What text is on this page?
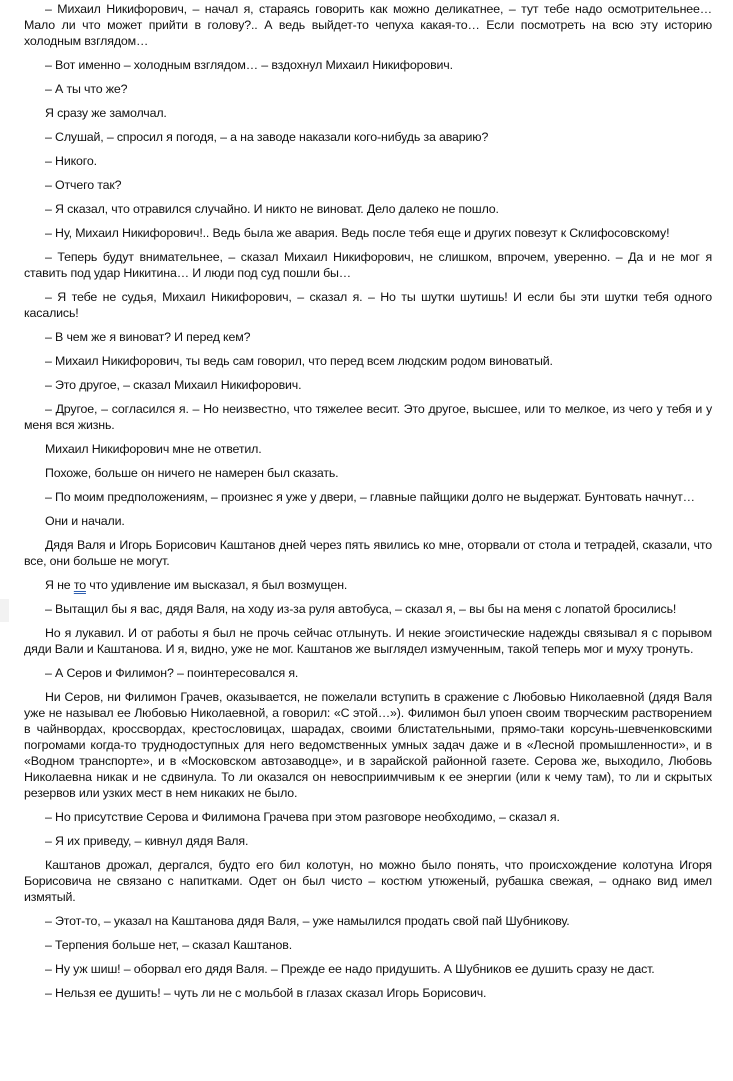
– Михаил Никифорович, – начал я, стараясь говорить как можно деликатнее, – тут тебе надо осмотрительнее… Мало ли что может прийти в голову?.. А ведь выйдет-то чепуха какая-то… Если посмотреть на всю эту историю холодным взглядом…

– Вот именно – холодным взглядом… – вздохнул Михаил Никифорович.

– А ты что же?

Я сразу же замолчал.

– Слушай, – спросил я погодя, – а на заводе наказали кого-нибудь за аварию?

– Никого.

– Отчего так?

– Я сказал, что отравился случайно. И никто не виноват. Дело далеко не пошло.

– Ну, Михаил Никифорович!.. Ведь была же авария. Ведь после тебя еще и других повезут к Склифосовскому!

– Теперь будут внимательнее, – сказал Михаил Никифорович, не слишком, впрочем, уверенно. – Да и не мог я ставить под удар Никитина… И люди под суд пошли бы…

– Я тебе не судья, Михаил Никифорович, – сказал я. – Но ты шутки шутишь! И если бы эти шутки тебя одного касались!

– В чем же я виноват? И перед кем?

– Михаил Никифорович, ты ведь сам говорил, что перед всем людским родом виноватый.

– Это другое, – сказал Михаил Никифорович.

– Другое, – согласился я. – Но неизвестно, что тяжелее весит. Это другое, высшее, или то мелкое, из чего у тебя и у меня вся жизнь.

Михаил Никифорович мне не ответил.

Похоже, больше он ничего не намерен был сказать.

– По моим предположениям, – произнес я уже у двери, – главные пайщики долго не выдержат. Бунтовать начнут…

Они и начали.

Дядя Валя и Игорь Борисович Каштанов дней через пять явились ко мне, оторвали от стола и тетрадей, сказали, что все, они больше не могут.

Я не то что удивление им высказал, я был возмущен.

– Вытащил бы я вас, дядя Валя, на ходу из-за руля автобуса, – сказал я, – вы бы на меня с лопатой бросились!

Но я лукавил. И от работы я был не прочь сейчас отлынуть. И некие эгоистические надежды связывал я с порывом дяди Вали и Каштанова. И я, видно, уже не мог. Каштанов же выглядел измученным, такой теперь мог и муху тронуть.

– А Серов и Филимон? – поинтересовался я.

Ни Серов, ни Филимон Грачев, оказывается, не пожелали вступить в сражение с Любовью Николаевной (дядя Валя уже не называл ее Любовью Николаевной, а говорил: «С этой…»). Филимон был упоен своим творческим растворением в чайнвордах, кроссвордах, крестословицах, шарадах, своими блистательными, прямо-таки корсунь-шевченковскими погромами когда-то труднодоступных для него ведомственных умных задач даже и в «Лесной промышленности», и в «Водном транспорте», и в «Московском автозаводце», и в зарайской районной газете. Серова же, выходило, Любовь Николаевна никак и не сдвинула. То ли оказался он невосприимчивым к ее энергии (или к чему там), то ли и скрытых резервов или узких мест в нем никаких не было.

– Но присутствие Серова и Филимона Грачева при этом разговоре необходимо, – сказал я.

– Я их приведу, – кивнул дядя Валя.

Каштанов дрожал, дергался, будто его бил колотун, но можно было понять, что происхождение колотуна Игоря Борисовича не связано с напитками. Одет он был чисто – костюм утюженый, рубашка свежая, – однако вид имел измятый.

– Этот-то, – указал на Каштанова дядя Валя, – уже намылился продать свой пай Шубникову.

– Терпения больше нет, – сказал Каштанов.

– Ну уж шиш! – оборвал его дядя Валя. – Прежде ее надо придушить. А Шубников ее душить сразу не даст.

– Нельзя ее душить! – чуть ли не с мольбой в глазах сказал Игорь Борисович.
